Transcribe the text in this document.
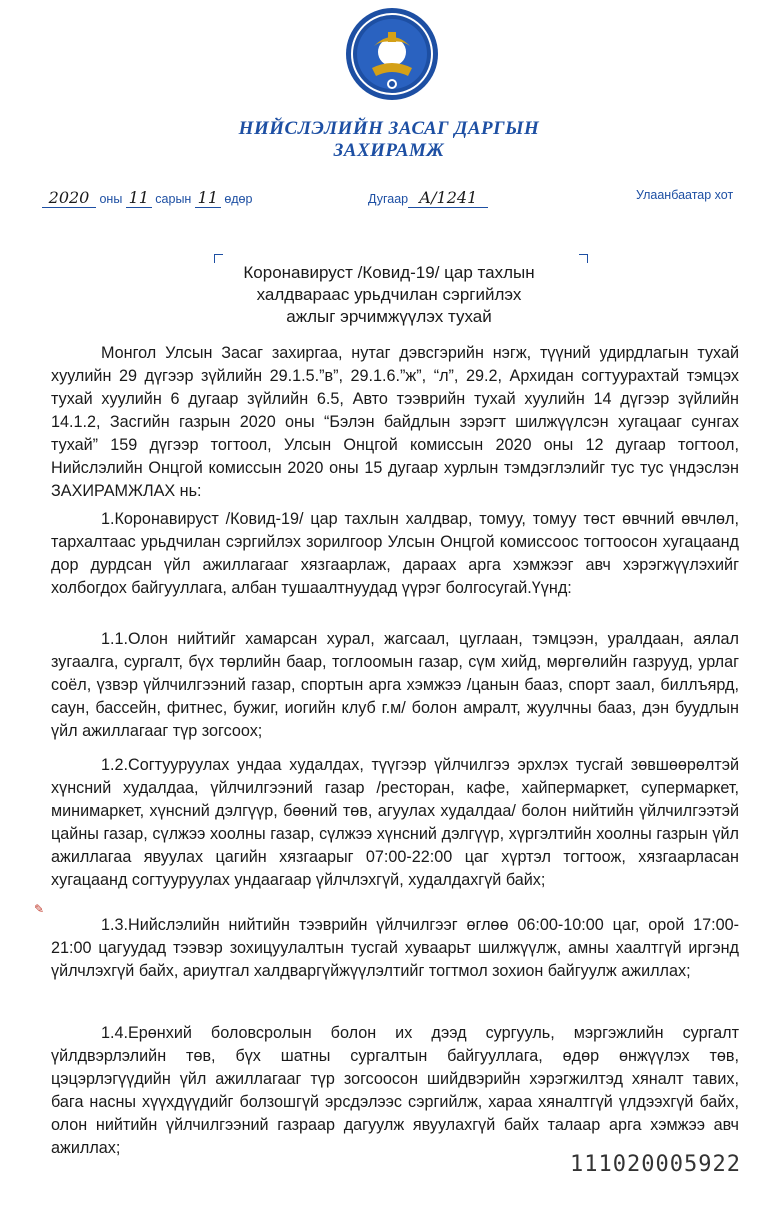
НИЙСЛЭЛИЙН ЗАСАГ ДАРГЫН
ЗАХИРАМЖ
2020 оны 11 сарын 11 өдөр	Дугаар А/1241	Улаанбаатар хот
Коронавируст /Ковид-19/ цар тахлын
халдвараас урьдчилан сэргийлэх
ажлыг эрчимжүүлэх тухай
Монгол Улсын Засаг захиргаа, нутаг дэвсгэрийн нэгж, түүний удирдлагын тухай хуулийн 29 дүгээр зүйлийн 29.1.5.”в”, 29.1.6.”ж”, “л”, 29.2, Архидан согтуурахтай тэмцэх тухай хуулийн 6 дугаар зүйлийн 6.5, Авто тээврийн тухай хуулийн 14 дүгээр зүйлийн 14.1.2, Засгийн газрын 2020 оны “Бэлэн байдлын зэрэгт шилжүүлсэн хугацааг сунгах тухай” 159 дүгээр тогтоол, Улсын Онцгой комиссын 2020 оны 12 дугаар тогтоол, Нийслэлийн Онцгой комиссын 2020 оны 15 дугаар хурлын тэмдэглэлийг тус тус үндэслэн ЗАХИРАМЖЛАХ нь:
1.Коронавируст /Ковид-19/ цар тахлын халдвар, томуу, томуу төст өвчний өвчлөл, тархалтаас урьдчилан сэргийлэх зорилгоор Улсын Онцгой комиссоос тогтоосон хугацаанд дор дурдсан үйл ажиллагааг хязгаарлаж, дараах арга хэмжээг авч хэрэгжүүлэхийг холбогдох байгууллага, албан тушаалтнуудад үүрэг болгосугай.Үүнд:
1.1.Олон нийтийг хамарсан хурал, жагсаал, цуглаан, тэмцээн, уралдаан, аялал зугаалга, сургалт, бүх төрлийн баар, тоглоомын газар, сүм хийд, мөргөлийн газрууд, урлаг соёл, үзвэр үйлчилгээний газар, спортын арга хэмжээ /цанын бааз, спорт заал, биллъярд, саун, бассейн, фитнес, бужиг, иогийн клуб г.м/ болон амралт, жуулчны бааз, дэн буудлын үйл ажиллагааг түр зогсоох;
1.2.Согтууруулах ундаа худалдах, түүгээр үйлчилгээ эрхлэх тусгай зөвшөөрөлтэй хүнсний худалдаа, үйлчилгээний газар /ресторан, кафе, хайпермаркет, супермаркет, минимаркет, хүнсний дэлгүүр, бөөний төв, агуулах худалдаа/ болон нийтийн үйлчилгээтэй цайны газар, сүлжээ хоолны газар, сүлжээ хүнсний дэлгүүр, хүргэлтийн хоолны газрын үйл ажиллагаа явуулах цагийн хязгаарыг 07:00-22:00 цаг хүртэл тогтоож, хязгаарласан хугацаанд согтууруулах ундаагаар үйлчлэхгүй, худалдахгүй байх;
1.3.Нийслэлийн нийтийн тээврийн үйлчилгээг өглөө 06:00-10:00 цаг, орой 17:00-21:00 цагуудад тээвэр зохицуулалтын тусгай хуваарьт шилжүүлж, амны хаалтгүй иргэнд үйлчлэхгүй байх, ариутгал халдваргүйжүүлэлтийг тогтмол зохион байгуулж ажиллах;
1.4.Ерөнхий боловсролын болон их дээд сургууль, мэргэжлийн сургалт үйлдвэрлэлийн төв, бүх шатны сургалтын байгууллага, өдөр өнжүүлэх төв, цэцэрлэгүүдийн үйл ажиллагааг түр зогсоосон шийдвэрийн хэрэгжилтэд хяналт тавих, бага насны хүүхдүүдийг болзошгүй эрсдэлээс сэргийлж, хараа хяналтгүй үлдээхгүй байх, олон нийтийн үйлчилгээний газраар дагуулж явуулахгүй байх талаар арга хэмжээ авч ажиллах;
✎
111020005922
